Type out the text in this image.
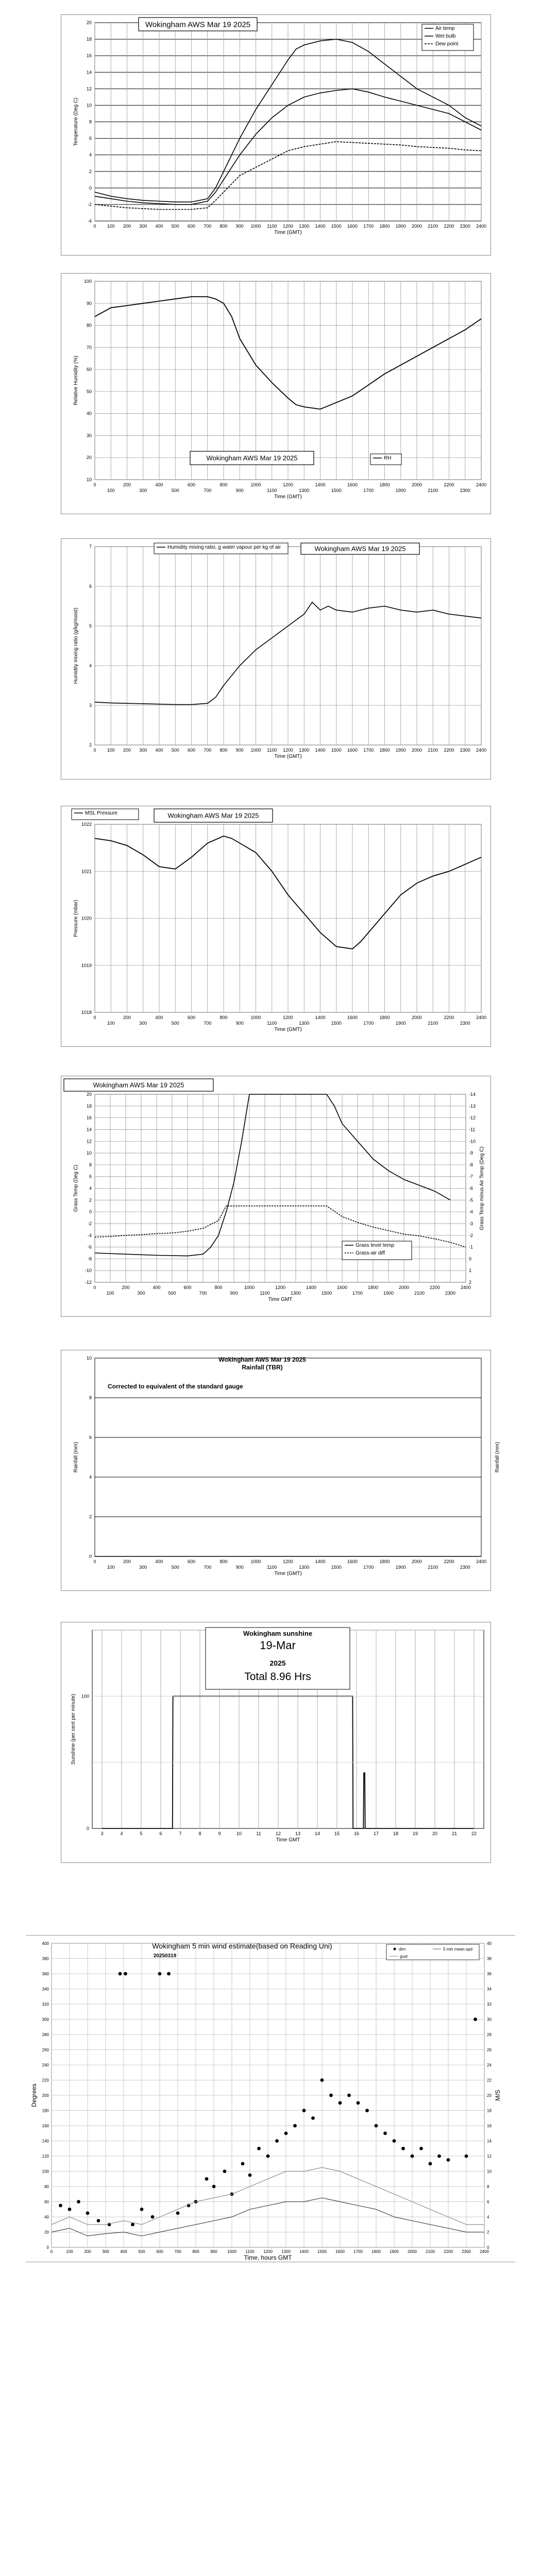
-4
-2
0
2
4
6
8
10
12
14
16
18
20
0 100 200 300 400 500 600 700 800 900 1000 1100 1200 1300 1400 1500 1600 1700 1800 1900 2000 2100 2200 2300 2400
Time (GMT)
Temperature (Deg C)
Wokingham AWS Mar 19 2025	Air temp
Wet bulb
Dew point
10
20
30
40
50
60
70
80
90
100
0	200	400	600	800	1000	1200	1400	1600	1800	2000	2200	2400
100	300	500	700	900	1100	1300	1500	1700	1900	2100	2300
Time (GMT)
Relative Humidity (%)
Wokingham AWS Mar 19 2025	RH
2
3
4
5
6
7
0 100 200 300 400 500 600 700 800 900 1000 1100 1200 1300 1400 1500 1600 1700 1800 1900 2000 2100 2200 2300 2400
Time (GMT)
Humidity mixing ratio (g/kg/moist)
Humidity mixing ratio, g water vapour per kg of air	Wokingham AWS Mar 19 2025
1018
1019
1020
1021
1022
0	200	400	600	800	1000	1200	1400	1600	1800	2000	2200	2400
100	300	500	700	900	1100	1300	1500	1700	1900	2100	2300
Time (GMT)
Pressure (mbar)
MSL Pressure	Wokingham AWS Mar 19 2025
-12
-10
-8
-6
-4
-2
0
2
4
6
8
10
12
14
16
18
20
2
1
0
-1
-2
-3
-4
-5
-6
-7
-8
-9
-10
-11
-12
-13
-14
0	200	400	600	800	1000	1200	1400	1600	1800	2000	2200	2400
100	300	500	700	900	1100	1300	1500	1700	1900	2100	2300
Time GMT
Grass Temp (Deg C)	Grass Temp minus Air Temp (Deg C)
Wokingham AWS Mar 19 2025
Grass level temp
Grass-air diff
0
2
4
6
8
10
0	200	400	600	800	1000	1200	1400	1600	1800	2000	2200	2400
100	300	500	700	900	1100	1300	1500	1700	1900	2100	2300
Time (GMT)
Rainfall (mm)	Rainfall (mm)
Wokingham AWS Mar 19 2025
Rainfall (TBR)
Corrected to equivalent of the standard gauge
0
100
3	4	5	6	7	8	9	10	11	12	13	14	15	16	17	18	19	20	21	22
Time GMT
Sunshine (per cent per minute)
Wokingham sunshine
19-Mar
2025
Total 8.96 Hrs
0	0
20	2
40	4
60	6
80	8
100	10
120	12
140	14
160	16
180	18
200	20
220	22
240	24
260	26
280	28
300	30
320	32
340	34
360	36
380	38
400	40
0	100	200	300	400	500	600	700	800	900 1000 1100 1200 1300 1400 1500 1600 1700 1800 1900 2000 2100 2200 2300 2400
Time, hours GMT
Degrees	M/S
Wokingham 5 min wind estimate(based on Reading Uni)
20250319
dirn	5 min mean spd
gust
